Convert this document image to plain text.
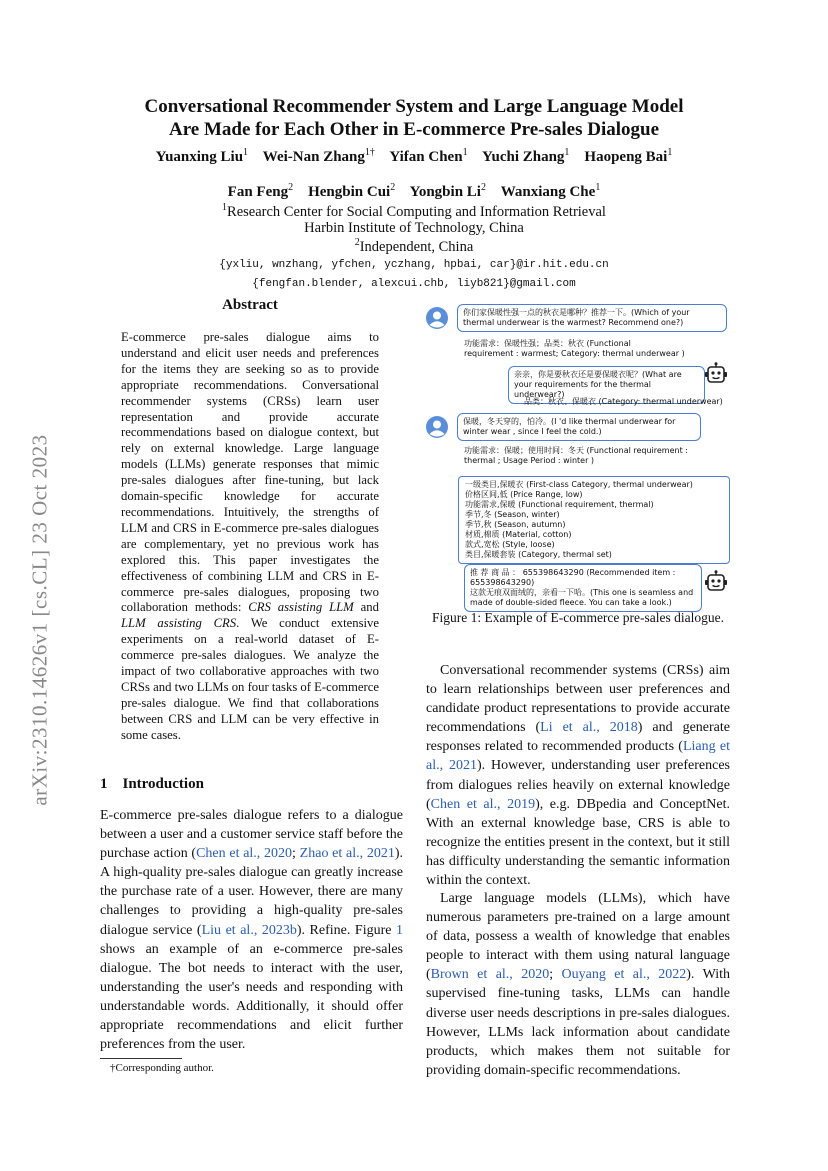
arXiv:2310.14626v1 [cs.CL] 23 Oct 2023
Conversational Recommender System and Large Language Model
Are Made for Each Other in E-commerce Pre-sales Dialogue
Yuanxing Liu$^1$ Wei-Nan Zhang$^{1\dagger}$ Yifan Chen$^1$ Yuchi Zhang$^1$ Haopeng Bai$^1$
Fan Feng$^2$ Hengbin Cui$^2$ Yongbin Li$^2$ Wanxiang Che$^1$
$^1$Research Center for Social Computing and Information Retrieval
Harbin Institute of Technology, China
$^2$Independent, China
{yxliu, wnzhang, yfchen, yczhang, hpbai, car}@ir.hit.edu.cn
{fengfan.blender, alexcui.chb, liyb821}@gmail.com
Abstract
E-commerce pre-sales dialogue aims to understand and elicit user needs and preferences for the items they are seeking so as to provide appropriate recommendations. Conversational recommender systems (CRSs) learn user representation and provide accurate recommendations based on dialogue context, but rely on external knowledge. Large language models (LLMs) generate responses that mimic pre-sales dialogues after fine-tuning, but lack domain-specific knowledge for accurate recommendations. Intuitively, the strengths of LLM and CRS in E-commerce pre-sales dialogues are complementary, yet no previous work has explored this. This paper investigates the effectiveness of combining LLM and CRS in E-commerce pre-sales dialogues, proposing two collaboration methods: CRS assisting LLM and LLM assisting CRS. We conduct extensive experiments on a real-world dataset of E-commerce pre-sales dialogues. We analyze the impact of two collaborative approaches with two CRSs and two LLMs on four tasks of E-commerce pre-sales dialogue. We find that collaborations between CRS and LLM can be very effective in some cases.
1 Introduction
E-commerce pre-sales dialogue refers to a dialogue between a user and a customer service staff before the purchase action (Chen et al., 2020; Zhao et al., 2021). A high-quality pre-sales dialogue can greatly increase the purchase rate of a user. However, there are many challenges to providing a high-quality pre-sales dialogue service (Liu et al., 2023b). Refine. Figure 1 shows an example of an e-commerce pre-sales dialogue. The bot needs to interact with the user, understanding the user's needs and responding with understandable words. Additionally, it should offer appropriate recommendations and elicit further preferences from the user.
†Corresponding author.
Conversational recommender systems (CRSs) aim to learn relationships between user preferences and candidate product representations to provide accurate recommendations (Li et al., 2018) and generate responses related to recommended products (Liang et al., 2021). However, understanding user preferences from dialogues relies heavily on external knowledge (Chen et al., 2019), e.g. DBpedia and ConceptNet. With an external knowledge base, CRS is able to recognize the entities present in the context, but it still has difficulty understanding the semantic information within the context.
Large language models (LLMs), which have numerous parameters pre-trained on a large amount of data, possess a wealth of knowledge that enables people to interact with them using natural language (Brown et al., 2020; Ouyang et al., 2022). With supervised fine-tuning tasks, LLMs can handle diverse user needs descriptions in pre-sales dialogues. However, LLMs lack information about candidate products, which makes them not suitable for providing domain-specific recommendations.
你们家保暖性强一点的秋衣是哪种？推荐一下。(Which of your
thermal underwear is the warmest? Recommend one?)
功能需求：保暖性强；品类：秋衣 (Functional
requirement : warmest; Category: thermal underwear )
亲亲，你是要秋衣还是要保暖衣呢？(What are
your requirements for the thermal underwear?)
品类：秋衣、保暖衣 (Category: thermal underwear)
保暖，冬天穿的，怕冷。(I 'd like thermal underwear for
winter wear , since I feel the cold.)
功能需求：保暖；使用时间：冬天 (Functional requirement :
thermal ; Usage Period : winter )
一级类目,保暖衣 (First-class Category, thermal underwear)
价格区间,低 (Price Range, low)
功能需求,保暖 (Functional requirement, thermal)
季节,冬 (Season, winter)
季节,秋 (Season, autumn)
材质,棉质 (Material, cotton)
款式,宽松 (Style, loose)
类目,保暖套装 (Category, thermal set)
推 荐 商 品 ： 655398643290 (Recommended item :
655398643290)
这款无痕双面绒的，亲看一下哈。(This one is seamless and
made of double-sided fleece. You can take a look.)
Figure 1: Example of E-commerce pre-sales dialogue.
